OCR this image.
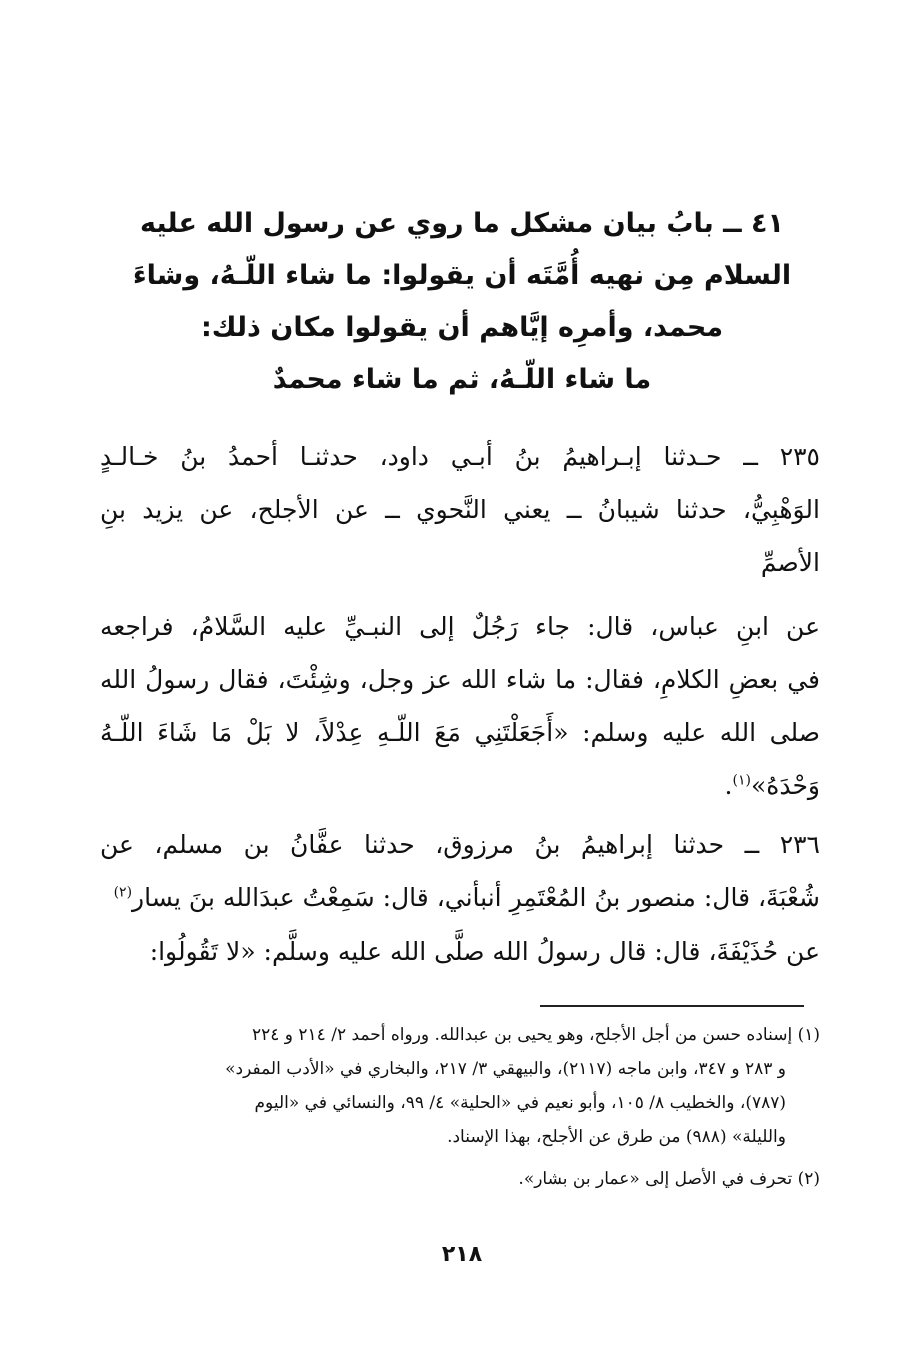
٤١ ــ بابُ بيان مشكل ما روي عن رسول الله عليه
السلام مِن نهيه أُمَّتَه أن يقولوا: ما شاء اللّـهُ، وشاءَ
محمد، وأمرِه إيَّاهم أن يقولوا مكان ذلك:
ما شاء اللّـهُ، ثم ما شاء محمدٌ
٢٣٥ ــ حـدثنا إبـراهيمُ بنُ أبـي داود، حدثنـا أحمدُ بنُ خـالـدٍ
الوَهْبِيُّ، حدثنا شيبانُ ــ يعني النَّحوي ــ عن الأجلح، عن يزيد بنِ
الأصمِّ
عن ابنِ عباس، قال: جاء رَجُلٌ إلى النبـيِّ عليه السَّلامُ، فراجعه
في بعضِ الكلامِ، فقال: ما شاء الله عز وجل، وشِئْتَ، فقال رسولُ الله
صلى الله عليه وسلم: «أَجَعَلْتَنِي مَعَ اللّـهِ عِدْلاً، لا بَلْ مَا شَاءَ اللّـهُ
وَحْدَهُ»$^{(١)}$.
٢٣٦ ــ حدثنا إبراهيمُ بنُ مرزوق، حدثنا عفَّانُ بن مسلم، عن
شُعْبَةَ، قال: منصور بنُ المُعْتَمِرِ أنبأني، قال: سَمِعْتُ عبدَالله بنَ يسار$^{(٢)}$
عن حُذَيْفَةَ، قال: قال رسولُ الله صلَّى الله عليه وسلَّم: «لا تَقُولُوا:
(١) إسناده حسن من أجل الأجلح، وهو يحيى بن عبدالله. ورواه أحمد ٢/ ٢١٤ و ٢٢٤
و ٢٨٣ و ٣٤٧، وابن ماجه (٢١١٧)، والبيهقي ٣/ ٢١٧، والبخاري في «الأدب المفرد»
(٧٨٧)، والخطيب ٨/ ١٠٥، وأبو نعيم في «الحلية» ٤/ ٩٩، والنسائي في «اليوم
والليلة» (٩٨٨) من طرق عن الأجلح، بهذا الإسناد.
(٢) تحرف في الأصل إلى «عمار بن بشار».
٢١٨
